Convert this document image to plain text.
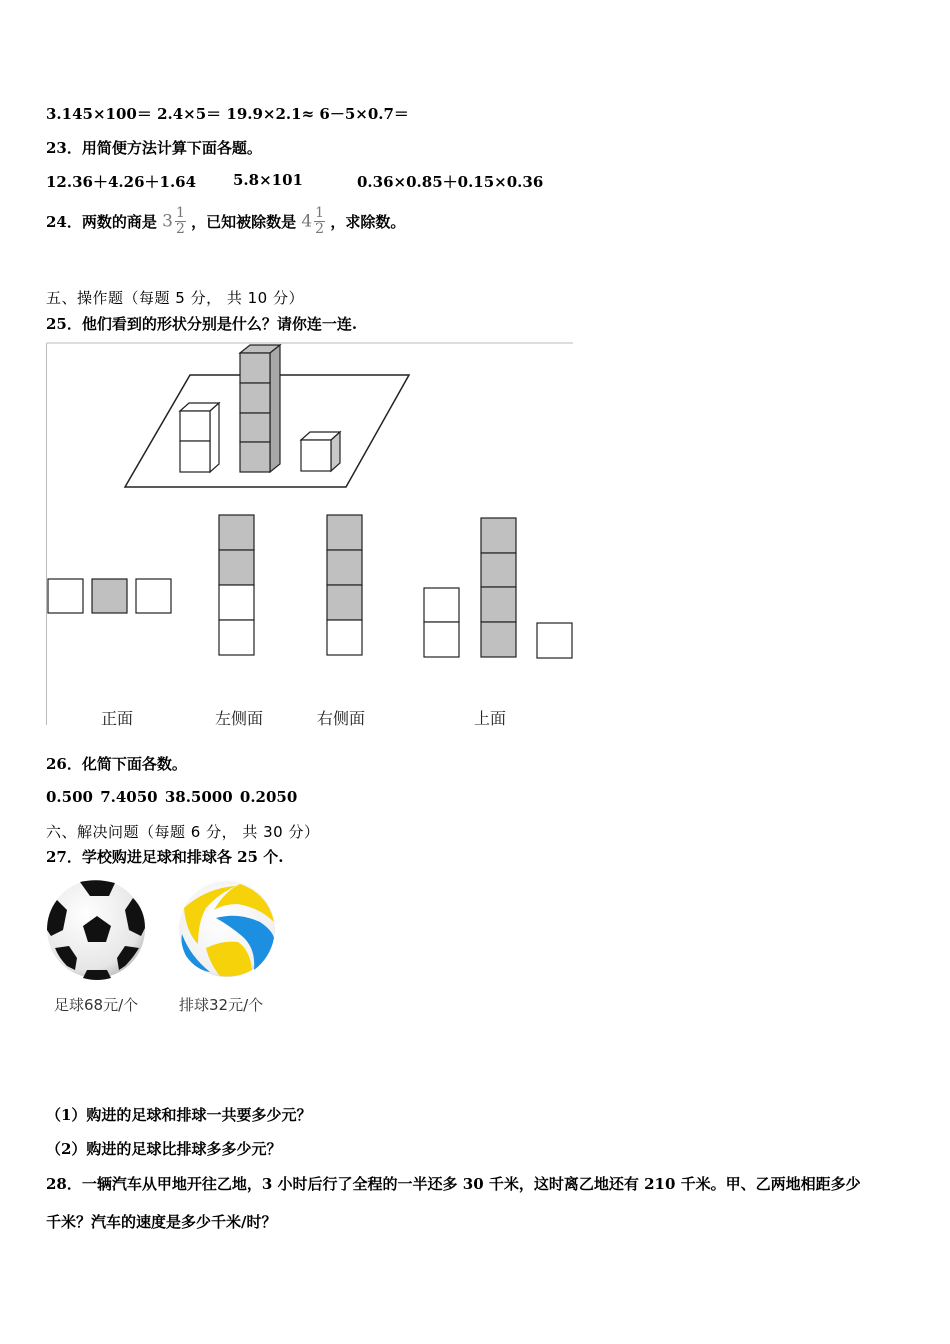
3.145×100＝ 2.4×5＝ 19.9×2.1≈ 6－5×0.7＝
23．用简便方法计算下面各题。
12.36＋4.26＋1.64 5.8×101	0.36×0.85＋0.15×0.36
24．两数的商是 $3 \frac{1}{2}$ ，已知被除数是 $4 \frac{1}{2}$ ，求除数。
五、操作题（每题 5 分， 共 10 分）
25．他们看到的形状分别是什么？请你连一连.
正面	左侧面	右侧面	上面
26．化简下面各数。
0.500 7.4050 38.5000 0.2050
六、解决问题（每题 6 分， 共 30 分）
27．学校购进足球和排球各 25 个.
足球68元/个	排球32元/个
（1）购进的足球和排球一共要多少元？
（2）购进的足球比排球多多少元？
28．一辆汽车从甲地开往乙地，3 小时后行了全程的一半还多 30 千米，这时离乙地还有 210 千米。甲、乙两地相距多少
千米？汽车的速度是多少千米/时？
